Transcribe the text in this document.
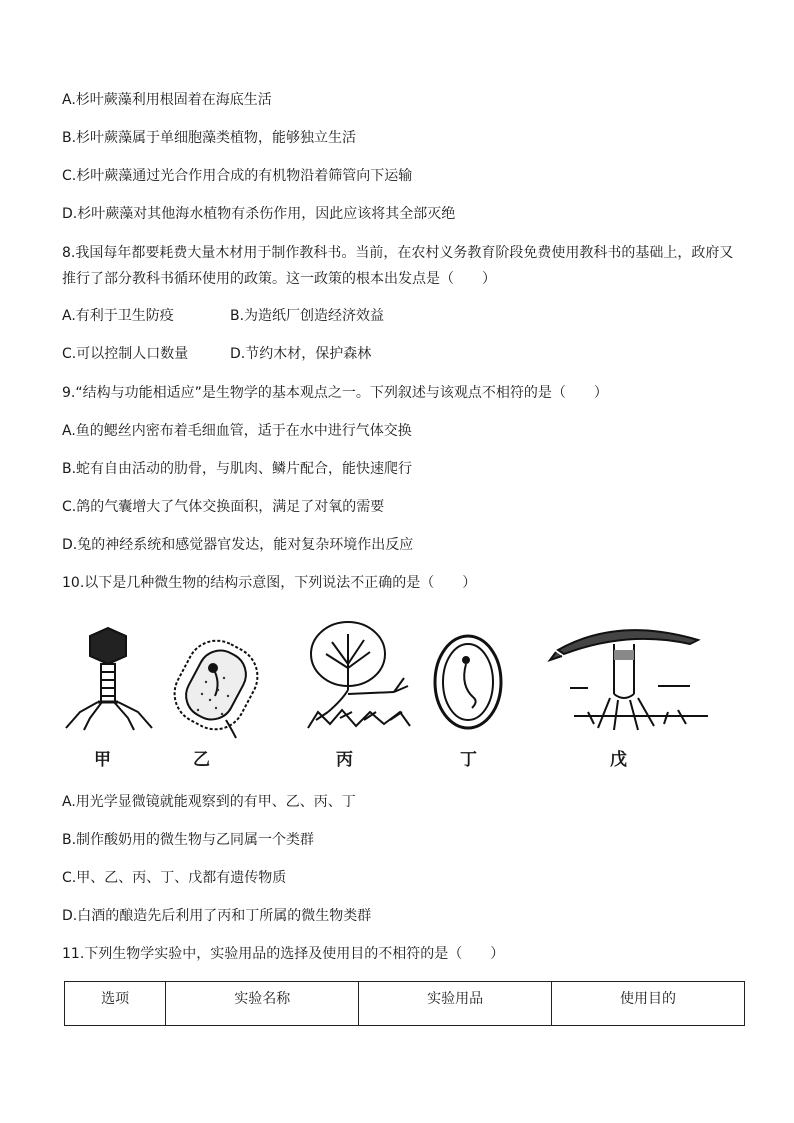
A.杉叶蕨藻利用根固着在海底生活
B.杉叶蕨藻属于单细胞藻类植物，能够独立生活
C.杉叶蕨藻通过光合作用合成的有机物沿着筛管向下运输
D.杉叶蕨藻对其他海水植物有杀伤作用，因此应该将其全部灭绝
8.我国每年都要耗费大量木材用于制作教科书。当前，在农村义务教育阶段免费使用教科书的基础上，政府又
推行了部分教科书循环使用的政策。这一政策的根本出发点是（　　）
A.有利于卫生防疫	B.为造纸厂创造经济效益
C.可以控制人口数量	D.节约木材，保护森林
9.“结构与功能相适应”是生物学的基本观点之一。下列叙述与该观点不相符的是（　　）
A.鱼的鳃丝内密布着毛细血管，适于在水中进行气体交换
B.蛇有自由活动的肋骨，与肌肉、鳞片配合，能快速爬行
C.鸽的气囊增大了气体交换面积，满足了对氧的需要
D.兔的神经系统和感觉器官发达，能对复杂环境作出反应
10.以下是几种微生物的结构示意图，下列说法不正确的是（　　）
甲	乙	丙	丁	戊
A.用光学显微镜就能观察到的有甲、乙、丙、丁
B.制作酸奶用的微生物与乙同属一个类群
C.甲、乙、丙、丁、戊都有遗传物质
D.白酒的酿造先后利用了丙和丁所属的微生物类群
11.下列生物学实验中，实验用品的选择及使用目的不相符的是（　　）
选项	实验名称	实验用品	使用目的
